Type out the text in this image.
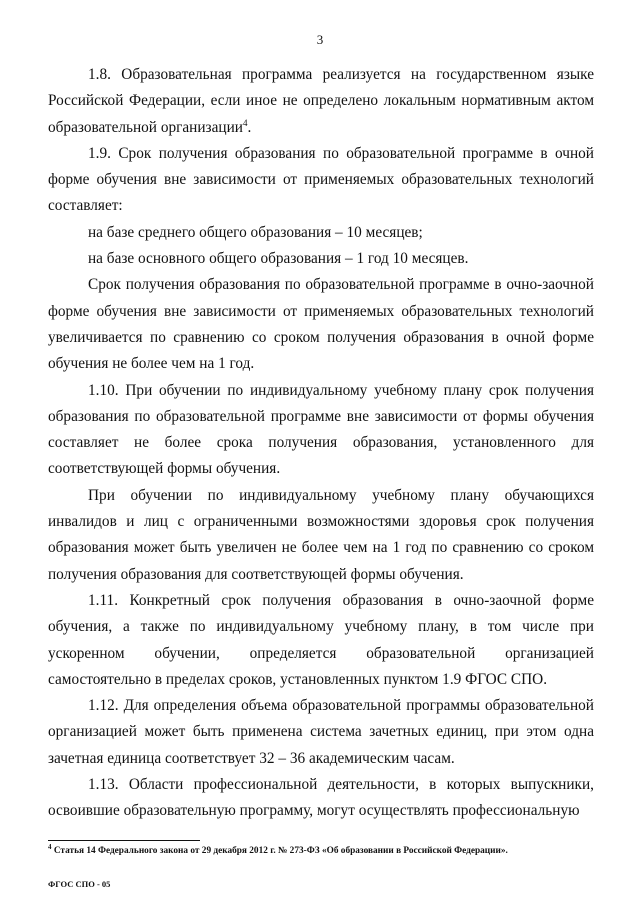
3

1.8. Образовательная программа реализуется на государственном языке Российской Федерации, если иное не определено локальным нормативным актом образовательной организации$^4$.

1.9. Срок получения образования по образовательной программе в очной форме обучения вне зависимости от применяемых образовательных технологий составляет:

на базе среднего общего образования – 10 месяцев;

на базе основного общего образования – 1 год 10 месяцев.

Срок получения образования по образовательной программе в очно-заочной форме обучения вне зависимости от применяемых образовательных технологий увеличивается по сравнению со сроком получения образования в очной форме обучения не более чем на 1 год.

1.10. При обучении по индивидуальному учебному плану срок получения образования по образовательной программе вне зависимости от формы обучения составляет не более срока получения образования, установленного для соответствующей формы обучения.

При обучении по индивидуальному учебному плану обучающихся инвалидов и лиц с ограниченными возможностями здоровья срок получения образования может быть увеличен не более чем на 1 год по сравнению со сроком получения образования для соответствующей формы обучения.

1.11. Конкретный срок получения образования в очно-заочной форме обучения, а также по индивидуальному учебному плану, в том числе при ускоренном обучении, определяется образовательной организацией самостоятельно в пределах сроков, установленных пунктом 1.9 ФГОС СПО.

1.12. Для определения объема образовательной программы образовательной организацией может быть применена система зачетных единиц, при этом одна зачетная единица соответствует 32 – 36 академическим часам.

1.13. Области профессиональной деятельности, в которых выпускники, освоившие образовательную программу, могут осуществлять профессиональную

$^4$ Статья 14 Федерального закона от 29 декабря 2012 г. № 273-ФЗ «Об образовании в Российской Федерации».
ФГОС СПО - 05
